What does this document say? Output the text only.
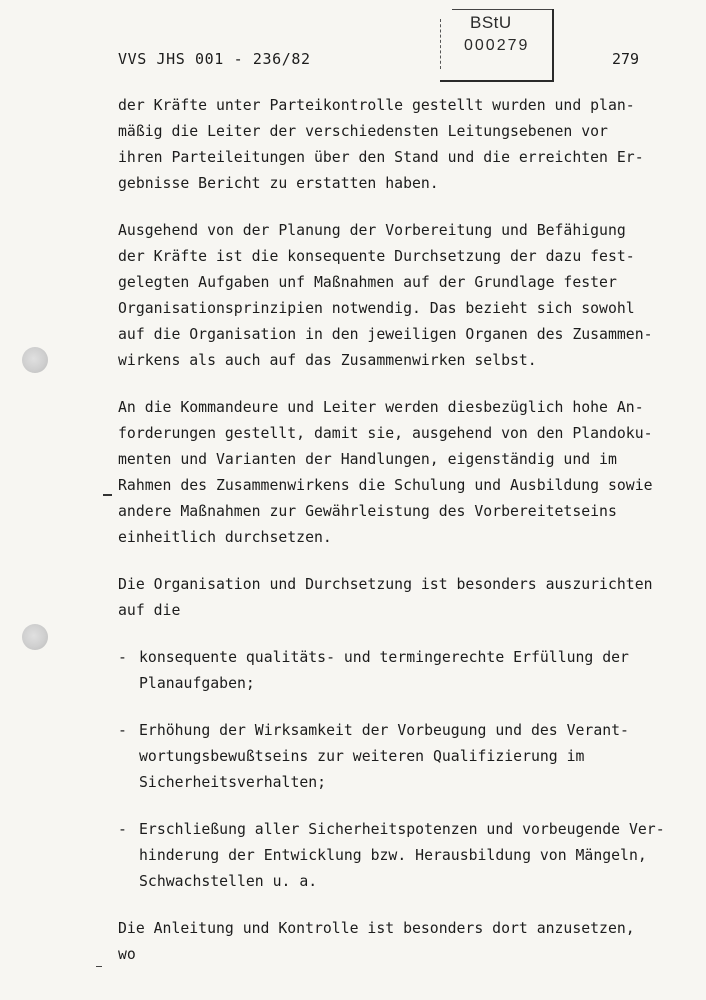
VVS JHS 001 - 236/82	279
BStU
000279
der Kräfte unter Parteikontrolle gestellt wurden und plan-
mäßig die Leiter der verschiedensten Leitungsebenen vor
ihren Parteileitungen über den Stand und die erreichten Er-
gebnisse Bericht zu erstatten haben.
Ausgehend von der Planung der Vorbereitung und Befähigung
der Kräfte ist die konsequente Durchsetzung der dazu fest-
gelegten Aufgaben unf Maßnahmen auf der Grundlage fester
Organisationsprinzipien notwendig. Das bezieht sich sowohl
auf die Organisation in den jeweiligen Organen des Zusammen-
wirkens als auch auf das Zusammenwirken selbst.
An die Kommandeure und Leiter werden diesbezüglich hohe An-
forderungen gestellt, damit sie, ausgehend von den Plandoku-
menten und Varianten der Handlungen, eigenständig und im
Rahmen des Zusammenwirkens die Schulung und Ausbildung sowie
andere Maßnahmen zur Gewährleistung des Vorbereitetseins
einheitlich durchsetzen.
Die Organisation und Durchsetzung ist besonders auszurichten
auf die
- konsequente qualitäts- und termingerechte Erfüllung der
Planaufgaben;
- Erhöhung der Wirksamkeit der Vorbeugung und des Verant-
wortungsbewußtseins zur weiteren Qualifizierung im
Sicherheitsverhalten;
- Erschließung aller Sicherheitspotenzen und vorbeugende Ver-
hinderung der Entwicklung bzw. Herausbildung von Mängeln,
Schwachstellen u. a.
Die Anleitung und Kontrolle ist besonders dort anzusetzen,
wo
